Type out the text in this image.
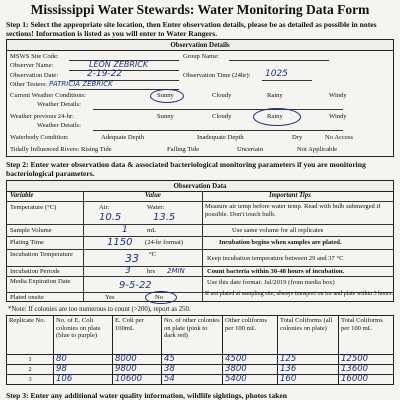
Mississippi Water Stewards: Water Monitoring Data Form
Step 1: Select the appropriate site location, then Enter observation details, please be as detailed as possible in notes sections! Information is listed as you will enter to Water Rangers.
Observation Details
MSWS Site Code:	Group Name:
Observer Name:	LEON ZEBRICK
Observation Date:	2-19-22	Observation Time (24hr): 1025
Other Testers: PATRICIA ZEBRICK
Current Weather Conditions:	Sunny	Cloudy	Rainy	Windy
Weather Details:
Weather previous 24-hr:	Sunny	Cloudy	Rainy	Windy
Weather Details:
Waterbody Condition:	Adequate Depth	Inadequate Depth	Dry	No Access
Tidally Influenced Rivers: Rising Tide	Falling Tide	Uncertain	Not Applicable
Step 2: Enter water observation data & associated bacteriological monitoring parameters if you are monitoring bacteriological parameters.
Observation Data
Variable	Value	Important Tips
Temperature (°C)	Air:	Water:
10.5	13.5
Measure air temp before water temp. Read with bulb submerged if possible. Don't touch bulb.
Sample Volume	1	mL	Use same volume for all replicates
Plating Time	1150 (24-hr format)	Incubation begins when samples are plated.
Incubation Temperature	33 °C
Keep incubation temperature between 29 and 37 °C
Incubation Periods	3 hrs 2MIN	Count bacteria within 30-48 hours of incubation.
Media Expiration Date	9-5-22	Use this date format: Jul/2019 (from media box)
Plated onsite	Yes	No	If not plated at sampling site, always transport on ice and plate within 3 hours.
*Note: If colonies are too numerous to count (>200), report as 250.
Replicate No.	No. of E. Coli colonies on plate (blue to purple)	E. Coli per 100mL	No. of other colonies on plate (pink to dark red)	Other coliforms per 100 mL	Total Coliforms (all colonies on plate)	Total Coliforms per 100 mL
1	80	8000	45	4500	125	12500
2	98	9800	38	3800	136	13600
3	106	10600	54	5400	160	16000
Step 3: Enter any additional water quality information, wildlife sightings, photos taken
